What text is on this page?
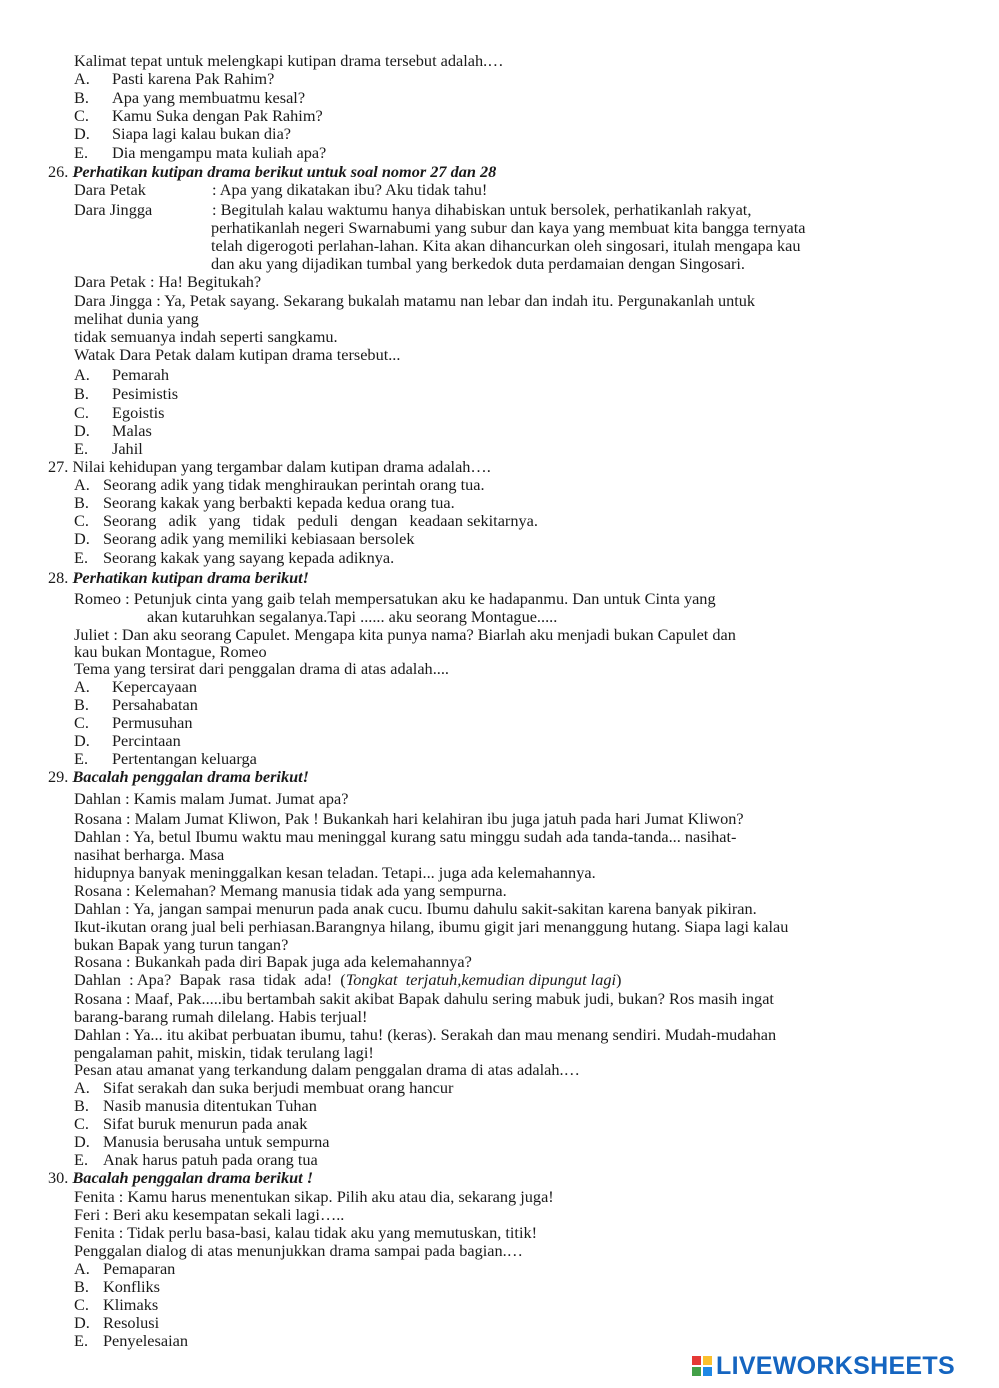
Kalimat tepat untuk melengkapi kutipan drama tersebut adalah.…
A. Pasti karena Pak Rahim?
B. Apa yang membuatmu kesal?
C. Kamu Suka dengan Pak Rahim?
D. Siapa lagi kalau bukan dia?
E. Dia mengampu mata kuliah apa?
26. Perhatikan kutipan drama berikut untuk soal nomor 27 dan 28
Dara Petak	: Apa yang dikatakan ibu? Aku tidak tahu!
Dara Jingga	: Begitulah kalau waktumu hanya dihabiskan untuk bersolek, perhatikanlah rakyat,
perhatikanlah negeri Swarnabumi yang subur dan kaya yang membuat kita bangga ternyata
telah digerogoti perlahan-lahan. Kita akan dihancurkan oleh singosari, itulah mengapa kau
dan aku yang dijadikan tumbal yang berkedok duta perdamaian dengan Singosari.
Dara Petak : Ha! Begitukah?
Dara Jingga : Ya, Petak sayang. Sekarang bukalah matamu nan lebar dan indah itu. Pergunakanlah untuk
melihat dunia yang
tidak semuanya indah seperti sangkamu.
Watak Dara Petak dalam kutipan drama tersebut...
A. Pemarah
B. Pesimistis
C. Egoistis
D. Malas
E. Jahil
27. Nilai kehidupan yang tergambar dalam kutipan drama adalah….
A. Seorang adik yang tidak menghiraukan perintah orang tua.
B. Seorang kakak yang berbakti kepada kedua orang tua.
C. Seorang   adik   yang   tidak   peduli   dengan   keadaan sekitarnya.
D. Seorang adik yang memiliki kebiasaan bersolek
E. Seorang kakak yang sayang kepada adiknya.
28. Perhatikan kutipan drama berikut!
Romeo : Petunjuk cinta yang gaib telah mempersatukan aku ke hadapanmu. Dan untuk Cinta yang
akan kutaruhkan segalanya.Tapi ...... aku seorang Montague.....
Juliet : Dan aku seorang Capulet. Mengapa kita punya nama? Biarlah aku menjadi bukan Capulet dan
kau bukan Montague, Romeo
Tema yang tersirat dari penggalan drama di atas adalah....
A. Kepercayaan
B. Persahabatan
C. Permusuhan
D. Percintaan
E. Pertentangan keluarga
29. Bacalah penggalan drama berikut!
Dahlan : Kamis malam Jumat. Jumat apa?
Rosana : Malam Jumat Kliwon, Pak ! Bukankah hari kelahiran ibu juga jatuh pada hari Jumat Kliwon?
Dahlan : Ya, betul Ibumu waktu mau meninggal kurang satu minggu sudah ada tanda-tanda... nasihat-
nasihat berharga. Masa
hidupnya banyak meninggalkan kesan teladan. Tetapi... juga ada kelemahannya.
Rosana : Kelemahan? Memang manusia tidak ada yang sempurna.
Dahlan : Ya, jangan sampai menurun pada anak cucu. Ibumu dahulu sakit-sakitan karena banyak pikiran.
Ikut-ikutan orang jual beli perhiasan.Barangnya hilang, ibumu gigit jari menanggung hutang. Siapa lagi kalau
bukan Bapak yang turun tangan?
Rosana : Bukankah pada diri Bapak juga ada kelemahannya?
Dahlan  : Apa?  Bapak  rasa  tidak  ada!  (Tongkat  terjatuh,kemudian dipungut lagi)
Rosana : Maaf, Pak.....ibu bertambah sakit akibat Bapak dahulu sering mabuk judi, bukan? Ros masih ingat
barang-barang rumah dilelang. Habis terjual!
Dahlan : Ya... itu akibat perbuatan ibumu, tahu! (keras). Serakah dan mau menang sendiri. Mudah-mudahan
pengalaman pahit, miskin, tidak terulang lagi!
Pesan atau amanat yang terkandung dalam penggalan drama di atas adalah.…
A. Sifat serakah dan suka berjudi membuat orang hancur
B. Nasib manusia ditentukan Tuhan
C. Sifat buruk menurun pada anak
D. Manusia berusaha untuk sempurna
E. Anak harus patuh pada orang tua
30. Bacalah penggalan drama berikut !
Fenita : Kamu harus menentukan sikap. Pilih aku atau dia, sekarang juga!
Feri : Beri aku kesempatan sekali lagi…..
Fenita : Tidak perlu basa-basi, kalau tidak aku yang memutuskan, titik!
Penggalan dialog di atas menunjukkan drama sampai pada bagian.…
A. Pemaparan
B. Konfliks
C. Klimaks
D. Resolusi
E. Penyelesaian
LIVEWORKSHEETS
